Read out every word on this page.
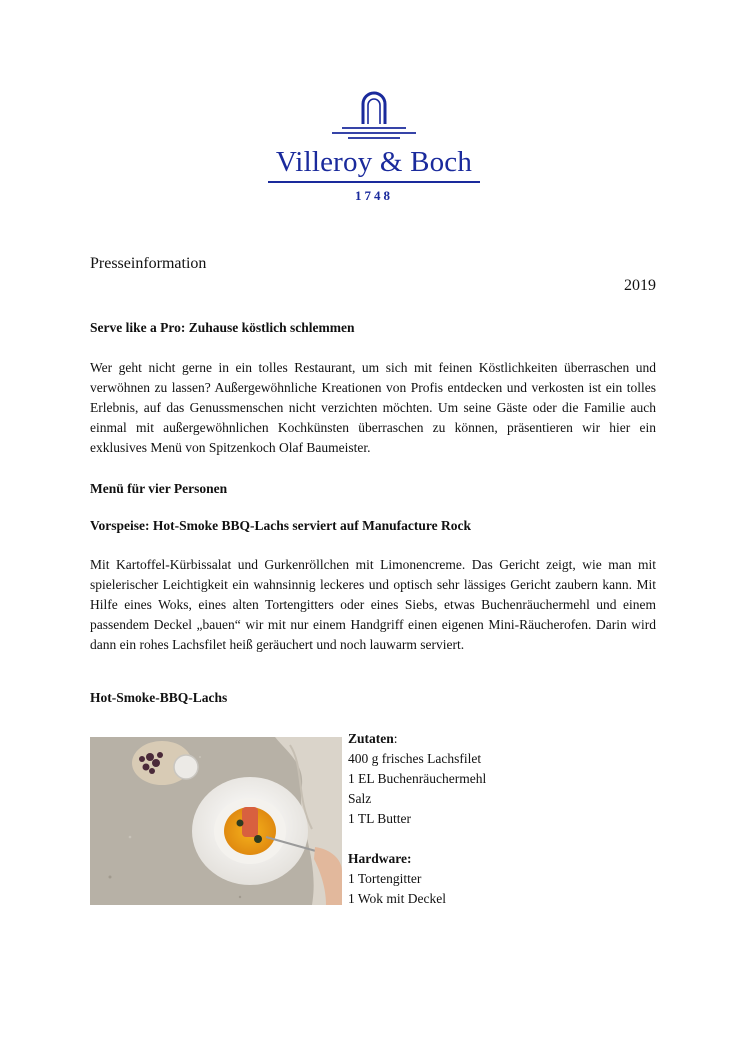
Villeroy & Boch
1748
Presseinformation
2019
Serve like a Pro: Zuhause köstlich schlemmen

Wer geht nicht gerne in ein tolles Restaurant, um sich mit feinen Köstlichkeiten überraschen und verwöhnen zu lassen? Außergewöhnliche Kreationen von Profis entdecken und verkosten ist ein tolles Erlebnis, auf das Genussmenschen nicht verzichten möchten. Um seine Gäste oder die Familie auch einmal mit außergewöhnlichen Kochkünsten überraschen zu können, präsentieren wir hier ein exklusives Menü von Spitzenkoch Olaf Baumeister.

Menü für vier Personen
Vorspeise: Hot-Smoke BBQ-Lachs serviert auf Manufacture Rock

Mit Kartoffel-Kürbissalat und Gurkenröllchen mit Limonencreme. Das Gericht zeigt, wie man mit spielerischer Leichtigkeit ein wahnsinnig leckeres und optisch sehr lässiges Gericht zaubern kann. Mit Hilfe eines Woks, eines alten Tortengitters oder eines Siebs, etwas Buchenräuchermehl und einem passendem Deckel „bauen“ wir mit nur einem Handgriff einen eigenen Mini-Räucherofen. Darin wird dann ein rohes Lachsfilet heiß geräuchert und noch lauwarm serviert.

Hot-Smoke-BBQ-Lachs
Zutaten:
400 g frisches Lachsfilet
1 EL Buchenräuchermehl
Salz
1 TL Butter
Hardware:
1 Tortengitter
1 Wok mit Deckel
